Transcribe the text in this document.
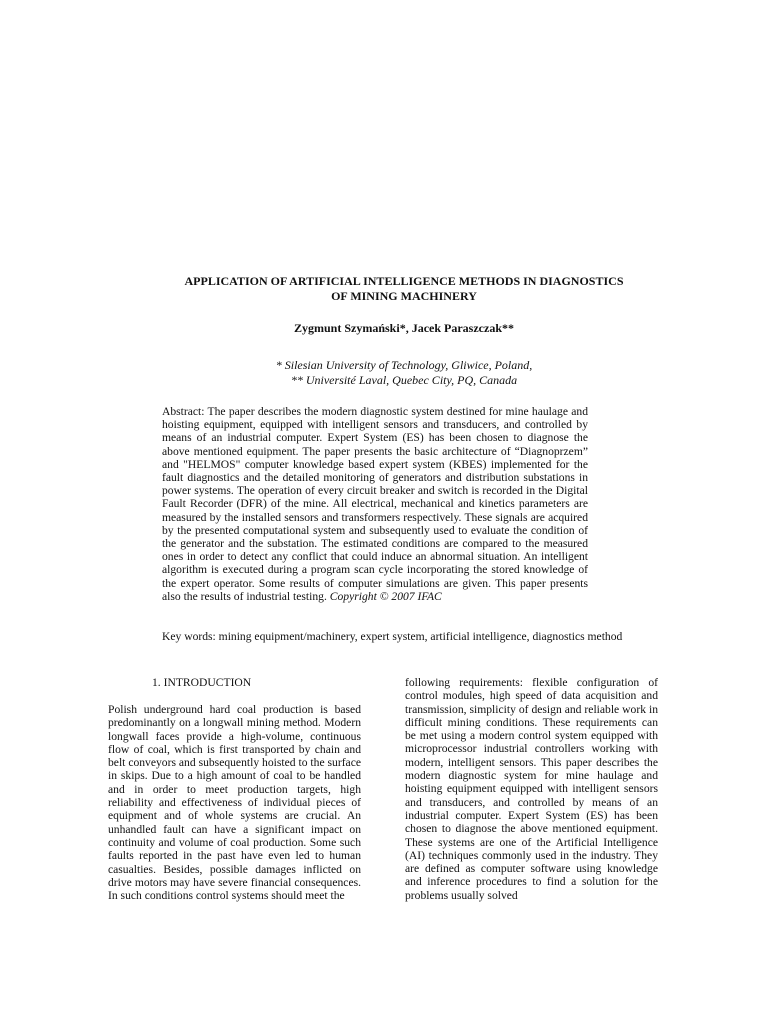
APPLICATION OF ARTIFICIAL INTELLIGENCE METHODS IN DIAGNOSTICS
OF MINING MACHINERY

Zygmunt Szymański*, Jacek Paraszczak**

* Silesian University of Technology, Gliwice, Poland,
** Université Laval, Quebec City, PQ, Canada

Abstract: The paper describes the modern diagnostic system destined for mine haulage and hoisting equipment, equipped with intelligent sensors and transducers, and controlled by means of an industrial computer. Expert System (ES) has been chosen to diagnose the above mentioned equipment. The paper presents the basic architecture of “Diagnoprzem” and "HELMOS" computer knowledge based expert system (KBES) implemented for the fault diagnostics and the detailed monitoring of generators and distribution substations in power systems. The operation of every circuit breaker and switch is recorded in the Digital Fault Recorder (DFR) of the mine. All electrical, mechanical and kinetics parameters are measured by the installed sensors and transformers respectively. These signals are acquired by the presented computational system and subsequently used to evaluate the condition of the generator and the substation. The estimated conditions are compared to the measured ones in order to detect any conflict that could induce an abnormal situation. An intelligent algorithm is executed during a program scan cycle incorporating the stored knowledge of the expert operator. Some results of computer simulations are given. This paper presents also the results of industrial testing. Copyright © 2007 IFAC

Key words: mining equipment/machinery, expert system, artificial intelligence, diagnostics method

1. INTRODUCTION

Polish underground hard coal production is based predominantly on a longwall mining method. Modern longwall faces provide a high-volume, continuous flow of coal, which is first transported by chain and belt conveyors and subsequently hoisted to the surface in skips. Due to a high amount of coal to be handled and in order to meet production targets, high reliability and effectiveness of individual pieces of equipment and of whole systems are crucial. An unhandled fault can have a significant impact on continuity and volume of coal production. Some such faults reported in the past have even led to human casualties. Besides, possible damages inflicted on drive motors may have severe financial consequences. In such conditions control systems should meet the

following requirements: flexible configuration of control modules, high speed of data acquisition and transmission, simplicity of design and reliable work in difficult mining conditions. These requirements can be met using a modern control system equipped with microprocessor industrial controllers working with modern, intelligent sensors. This paper describes the modern diagnostic system for mine haulage and hoisting equipment equipped with intelligent sensors and transducers, and controlled by means of an industrial computer. Expert System (ES) has been chosen to diagnose the above mentioned equipment. These systems are one of the Artificial Intelligence (AI) techniques commonly used in the industry. They are defined as computer software using knowledge and inference procedures to find a solution for the problems usually solved
